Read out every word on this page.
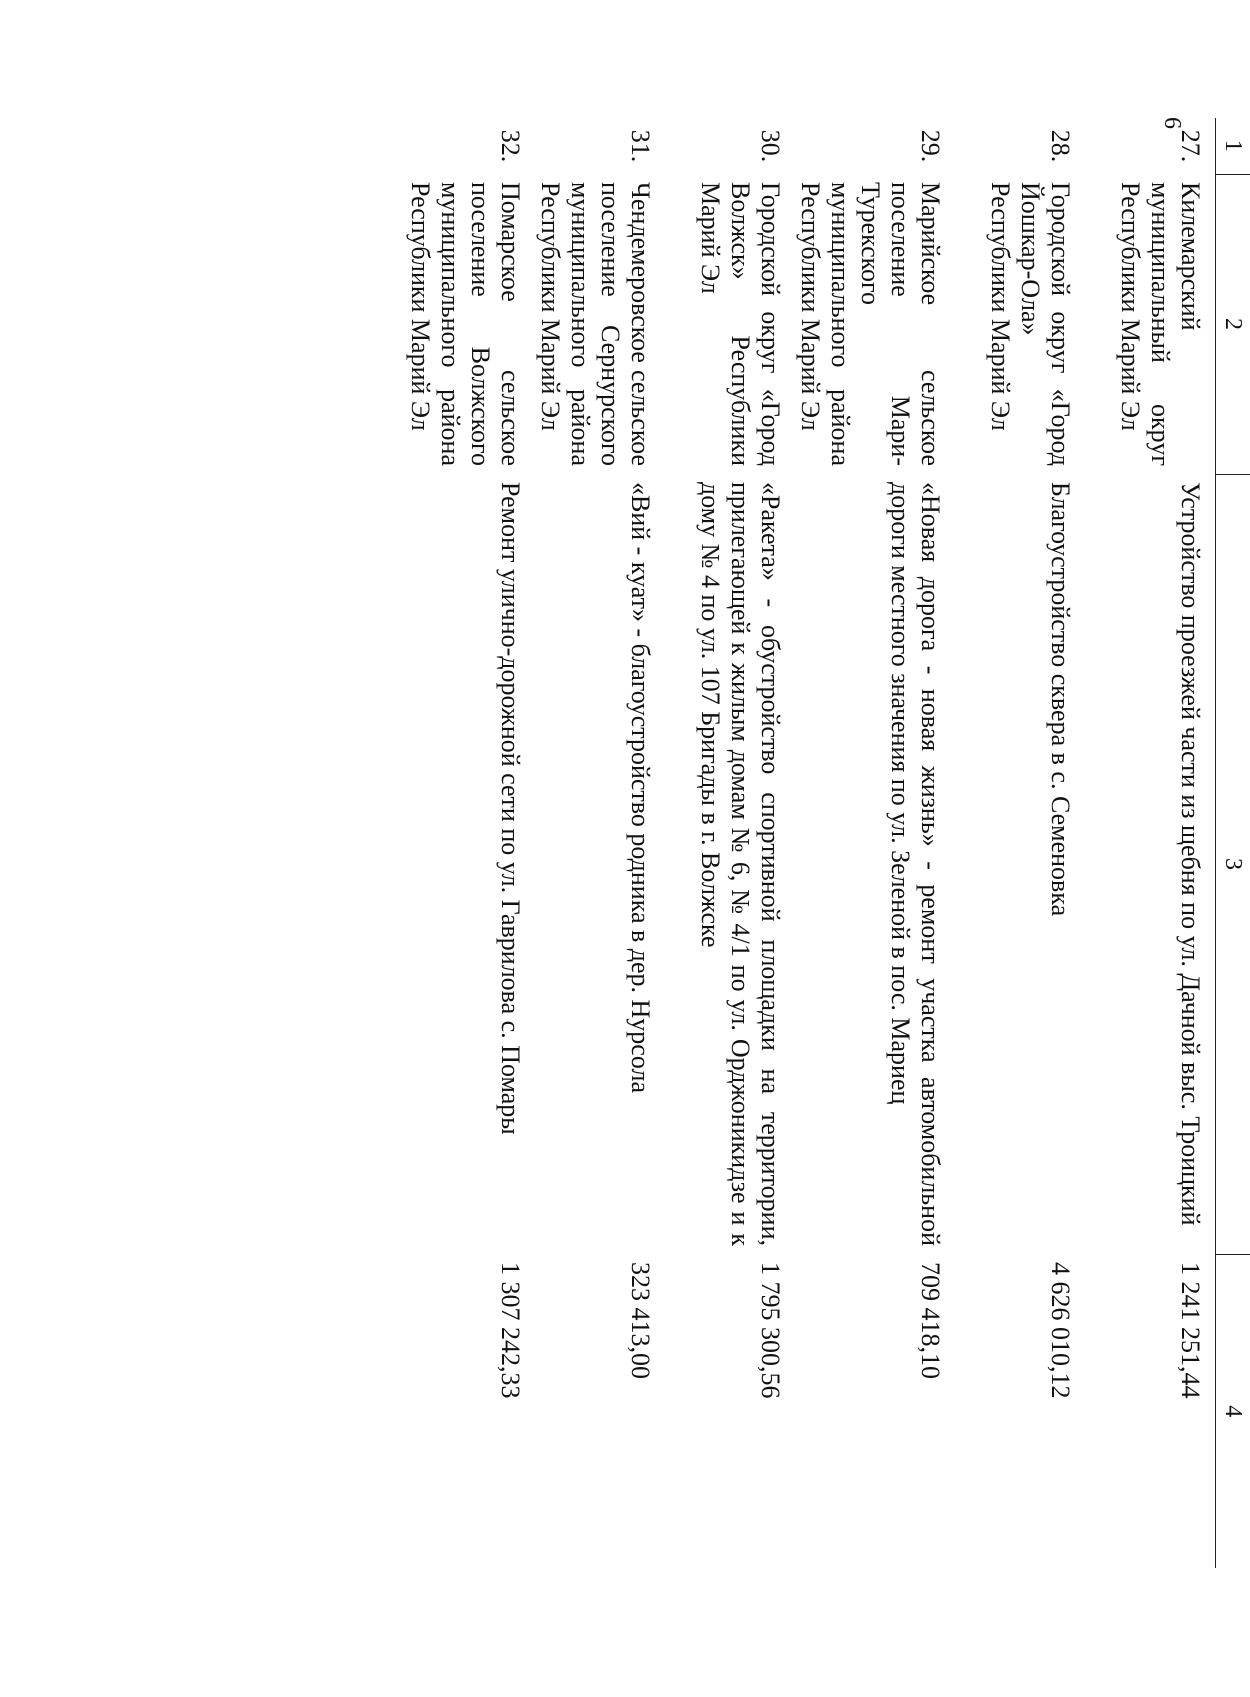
6
1	2	3	4
27.	Килемарский муниципальный округ Республики Марий Эл	Устройство проезжей части из щебня по ул. Дачной выс. Троицкий	1 241 251,44
28.	Городской округ «Город Йошкар-Ола» Республики Марий Эл	Благоустройство сквера в с. Семеновка	4 626 010,12
29.	Марийское сельское поселение Мари-Турекского муниципального района Республики Марий Эл	«Новая дорога - новая жизнь» - ремонт участка автомобильной дороги местного значения по ул. Зеленой в пос. Мариец	709 418,10
30.	Городской округ «Город Волжск» Республики Марий Эл	«Ракета» - обустройство спортивной площадки на территории, прилегающей к жилым домам № 6, № 4/1 по ул. Орджоникидзе и к дому № 4 по ул. 107 Бригады в г. Волжске	1 795 300,56
31.	Чендемеровское сельское поселение Сернурского муниципального района Республики Марий Эл	«Вий - куат» - благоустройство родника в дер. Нурсола	323 413,00
32.	Помарское сельское поселение Волжского муниципального района Республики Марий Эл	Ремонт улично-дорожной сети по ул. Гаврилова с. Помары	1 307 242,33
